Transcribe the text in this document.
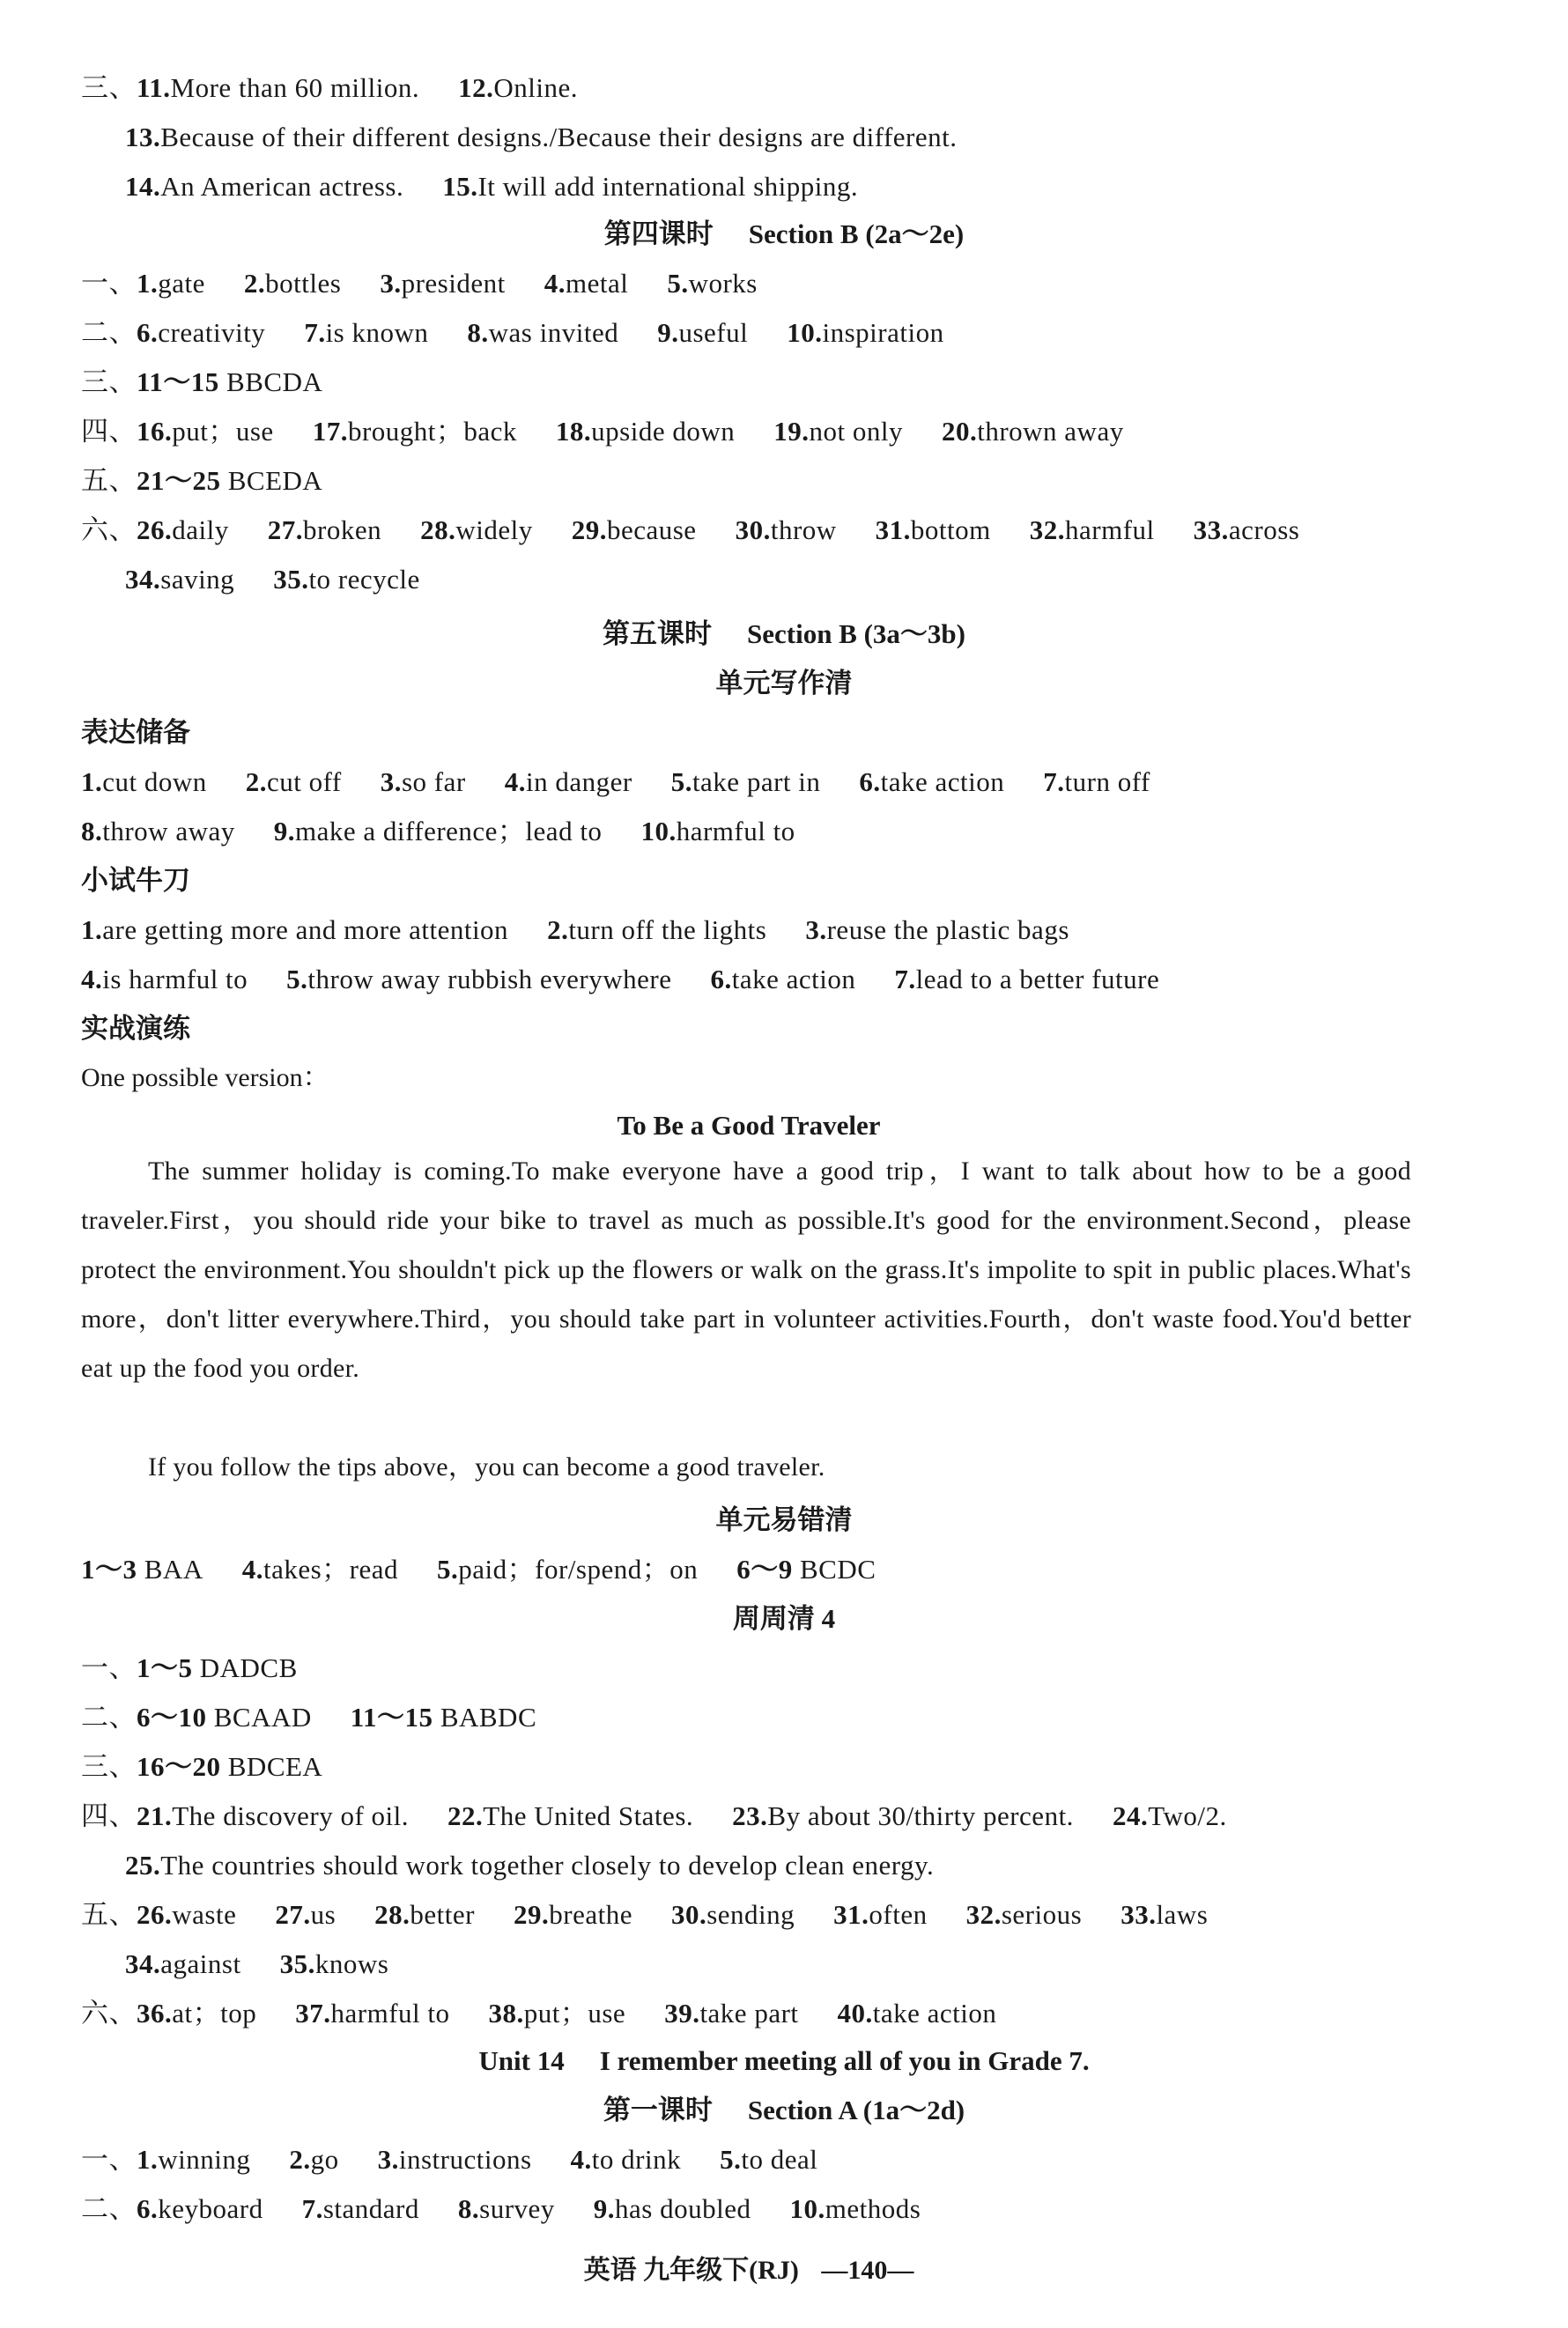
三、11.More than 60 million. 12.Online.
13.Because of their different designs./Because their designs are different.
14.An American actress. 15.It will add international shipping.
第四课时 Section B (2a～2e)
一、1.gate 2.bottles 3.president 4.metal 5.works
二、6.creativity 7.is known 8.was invited 9.useful 10.inspiration
三、11～15 BBCDA
四、16.put；use 17.brought；back 18.upside down 19.not only 20.thrown away
五、21～25 BCEDA
六、26.daily 27.broken 28.widely 29.because 30.throw 31.bottom 32.harmful 33.across
34.saving 35.to recycle
第五课时 Section B (3a～3b)
单元写作清
表达储备
1.cut down 2.cut off 3.so far 4.in danger 5.take part in 6.take action 7.turn off
8.throw away 9.make a difference；lead to 10.harmful to
小试牛刀
1.are getting more and more attention 2.turn off the lights 3.reuse the plastic bags
4.is harmful to 5.throw away rubbish everywhere 6.take action 7.lead to a better future
实战演练
One possible version：
To Be a Good Traveler
The summer holiday is coming.To make everyone have a good trip，I want to talk about how to be a good traveler.First，you should ride your bike to travel as much as possible.It's good for the environment.Second，please protect the environment.You shouldn't pick up the flowers or walk on the grass.It's impolite to spit in public places.What's more，don't litter everywhere.Third，you should take part in volunteer activities.Fourth，don't waste food.You'd better eat up the food you order.
If you follow the tips above，you can become a good traveler.
单元易错清
1～3 BAA 4.takes；read 5.paid；for/spend；on 6～9 BCDC
周周清 4
一、1～5 DADCB
二、6～10 BCAAD 11～15 BABDC
三、16～20 BDCEA
四、21.The discovery of oil. 22.The United States. 23.By about 30/thirty percent. 24.Two/2.
25.The countries should work together closely to develop clean energy.
五、26.waste 27.us 28.better 29.breathe 30.sending 31.often 32.serious 33.laws
34.against 35.knows
六、36.at；top 37.harmful to 38.put；use 39.take part 40.take action
Unit 14 I remember meeting all of you in Grade 7.
第一课时 Section A (1a～2d)
一、1.winning 2.go 3.instructions 4.to drink 5.to deal
二、6.keyboard 7.standard 8.survey 9.has doubled 10.methods
英语 九年级下(RJ) —140—
